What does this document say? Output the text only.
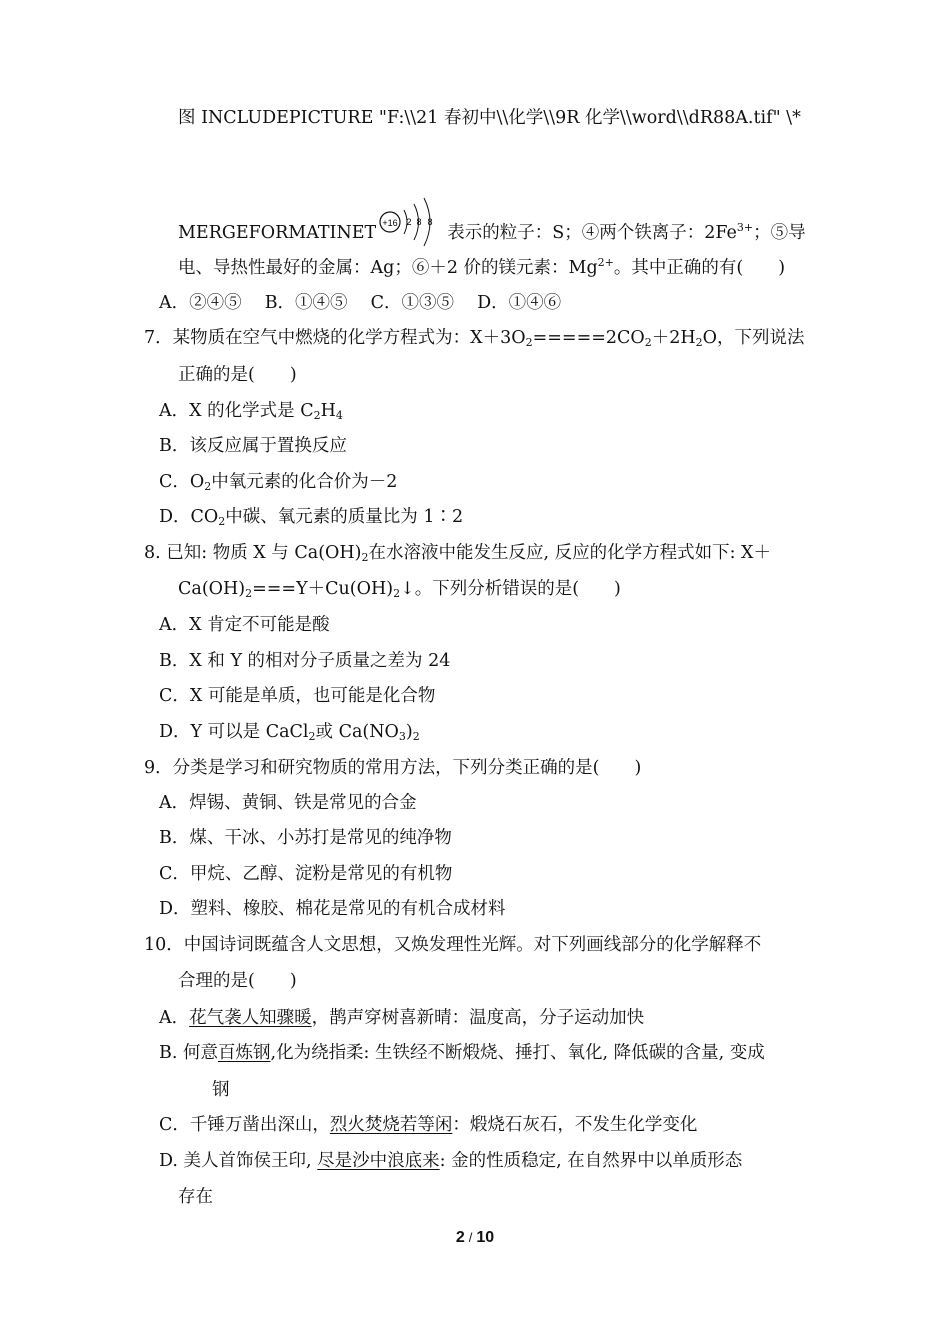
图 INCLUDEPICTURE "F:\\21 春初中\\化学\\9R 化学\\word\\dR88A.tif" \*
MERGEFORMATINET +16 2 8 8
表示的粒子：S；④两个铁离子：$2Fe^{3+}$；⑤导
电、导热性最好的金属：Ag；⑥＋2 价的镁元素：$Mg^{2+}$。其中正确的有(　　)
A．②④⑤　 B．①④⑤　 C．①③⑤　 D．①④⑥
7．某物质在空气中燃烧的化学方程式为：$X+3O_2=====2CO_2+2H_2O$，下列说法
正确的是(　　)
A．X 的化学式是 $C_2H_4$
B．该反应属于置换反应
C．$O_2$中氧元素的化合价为－2
D．$CO_2$中碳、氧元素的质量比为 1∶2
8. 已知: 物质 X 与 $Ca(OH)_2$在水溶液中能发生反应, 反应的化学方程式如下: X＋
$Ca(OH)_2===Y+Cu(OH)_2↓$。下列分析错误的是(　　)
A．X 肯定不可能是酸
B．X 和 Y 的相对分子质量之差为 24
C．X 可能是单质，也可能是化合物
D．Y 可以是 CaCl$_2$或 $Ca(NO_3)_2$
9．分类是学习和研究物质的常用方法，下列分类正确的是(　　)
A．焊锡、黄铜、铁是常见的合金
B．煤、干冰、小苏打是常见的纯净物
C．甲烷、乙醇、淀粉是常见的有机物
D．塑料、橡胶、棉花是常见的有机合成材料
10．中国诗词既蕴含人文思想，又焕发理性光辉。对下列画线部分的化学解释不
合理的是(　　)
A．花气袭人知骤暖，鹊声穿树喜新晴：温度高，分子运动加快
B. 何意百炼钢,化为绕指柔: 生铁经不断煅烧、捶打、氧化, 降低碳的含量, 变成
钢
C．千锤万凿出深山，烈火焚烧若等闲：煅烧石灰石，不发生化学变化
D. 美人首饰侯王印, 尽是沙中浪底来: 金的性质稳定, 在自然界中以单质形态
存在
2 / 10
